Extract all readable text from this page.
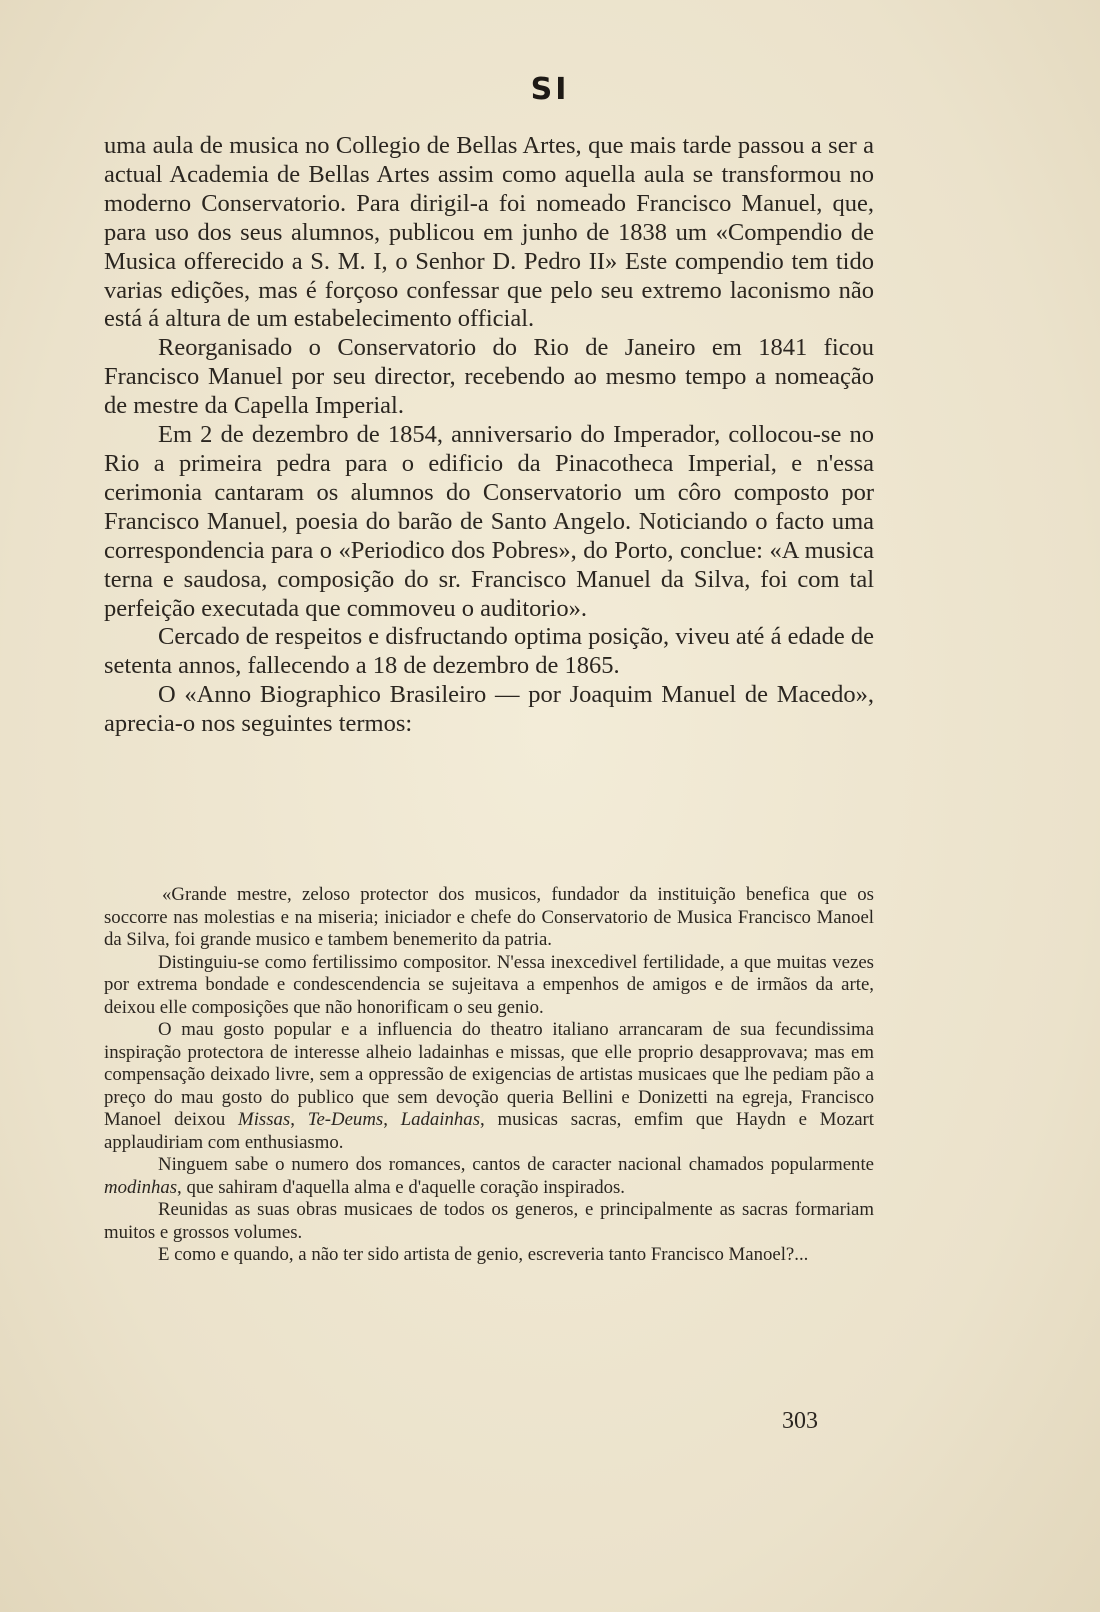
SI

uma aula de musica no Collegio de Bellas Artes, que mais tarde passou a ser a actual Academia de Bellas Artes assim como aquella aula se transformou no moderno Conservatorio. Para dirigil-a foi nomeado Francisco Manuel, que, para uso dos seus alumnos, publicou em junho de 1838 um «Compendio de Musica offerecido a S. M. I, o Senhor D. Pedro II» Este compendio tem tido varias edições, mas é forçoso confessar que pelo seu extremo laconismo não está á altura de um estabelecimento official.

Reorganisado o Conservatorio do Rio de Janeiro em 1841 ficou Francisco Manuel por seu director, recebendo ao mesmo tempo a nomeação de mestre da Capella Imperial.

Em 2 de dezembro de 1854, anniversario do Imperador, collocou-se no Rio a primeira pedra para o edificio da Pinacotheca Imperial, e n'essa cerimonia cantaram os alumnos do Conservatorio um côro composto por Francisco Manuel, poesia do barão de Santo Angelo. Noticiando o facto uma correspondencia para o «Periodico dos Pobres», do Porto, conclue: «A musica terna e saudosa, composição do sr. Francisco Manuel da Silva, foi com tal perfeição executada que commoveu o auditorio».

Cercado de respeitos e disfructando optima posição, viveu até á edade de setenta annos, fallecendo a 18 de dezembro de 1865.

O «Anno Biographico Brasileiro — por Joaquim Manuel de Macedo», aprecia-o nos seguintes termos:

«Grande mestre, zeloso protector dos musicos, fundador da instituição benefica que os soccorre nas molestias e na miseria; iniciador e chefe do Conservatorio de Musica Francisco Manoel da Silva, foi grande musico e tambem benemerito da patria.

Distinguiu-se como fertilissimo compositor. N'essa inexcedivel fertilidade, a que muitas vezes por extrema bondade e condescendencia se sujeitava a empenhos de amigos e de irmãos da arte, deixou elle composições que não honorificam o seu genio.

O mau gosto popular e a influencia do theatro italiano arrancaram de sua fecundissima inspiração protectora de interesse alheio ladainhas e missas, que elle proprio desapprovava; mas em compensação deixado livre, sem a oppressão de exigencias de artistas musicaes que lhe pediam pão a preço do mau gosto do publico que sem devoção queria Bellini e Donizetti na egreja, Francisco Manoel deixou Missas, Te-Deums, Ladainhas, musicas sacras, emfim que Haydn e Mozart applaudiriam com enthusiasmo.

Ninguem sabe o numero dos romances, cantos de caracter nacional chamados popularmente modinhas, que sahiram d'aquella alma e d'aquelle coração inspirados.

Reunidas as suas obras musicaes de todos os generos, e principalmente as sacras formariam muitos e grossos volumes.

E como e quando, a não ter sido artista de genio, escreveria tanto Francisco Manoel?...

303
